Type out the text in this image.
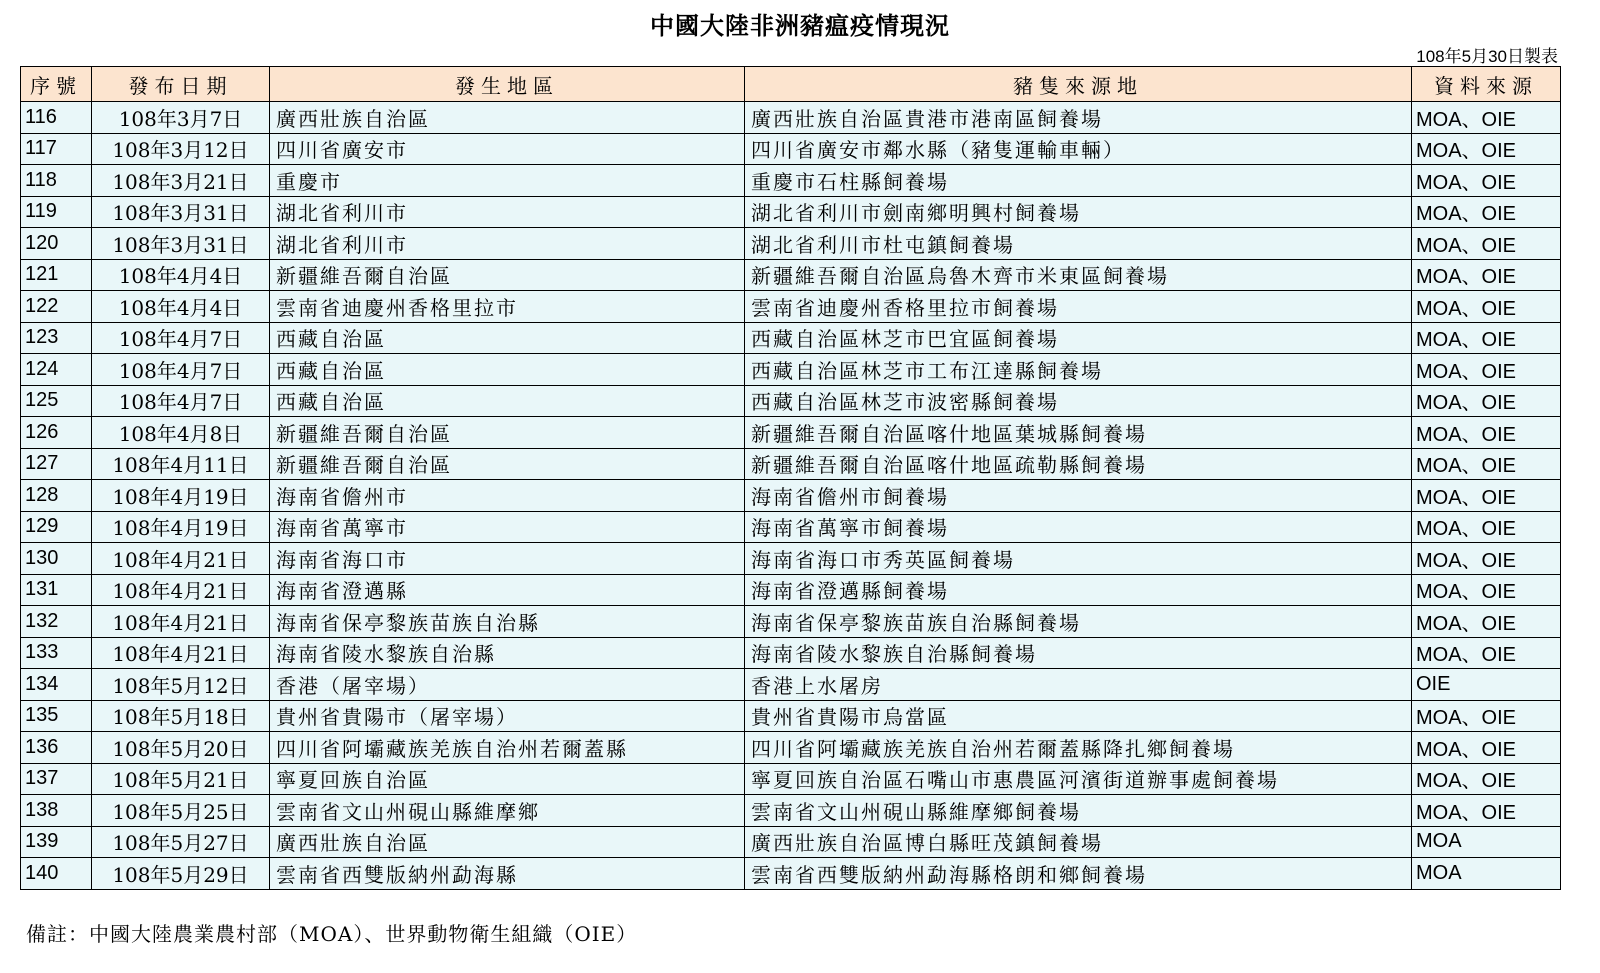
中國大陸非洲豬瘟疫情現況
108年5月30日製表
序號	發布日期	發生地區	豬隻來源地	資料來源
116	108年3月7日	廣西壯族自治區	廣西壯族自治區貴港市港南區飼養場	MOA、OIE
117	108年3月12日	四川省廣安市	四川省廣安市鄰水縣（豬隻運輸車輛）	MOA、OIE
118	108年3月21日	重慶市	重慶市石柱縣飼養場	MOA、OIE
119	108年3月31日	湖北省利川市	湖北省利川市劍南鄉明興村飼養場	MOA、OIE
120	108年3月31日	湖北省利川市	湖北省利川市杜屯鎮飼養場	MOA、OIE
121	108年4月4日	新疆維吾爾自治區	新疆維吾爾自治區烏魯木齊市米東區飼養場	MOA、OIE
122	108年4月4日	雲南省迪慶州香格里拉市	雲南省迪慶州香格里拉市飼養場	MOA、OIE
123	108年4月7日	西藏自治區	西藏自治區林芝市巴宜區飼養場	MOA、OIE
124	108年4月7日	西藏自治區	西藏自治區林芝市工布江達縣飼養場	MOA、OIE
125	108年4月7日	西藏自治區	西藏自治區林芝市波密縣飼養場	MOA、OIE
126	108年4月8日	新疆維吾爾自治區	新疆維吾爾自治區喀什地區葉城縣飼養場	MOA、OIE
127	108年4月11日	新疆維吾爾自治區	新疆維吾爾自治區喀什地區疏勒縣飼養場	MOA、OIE
128	108年4月19日	海南省儋州市	海南省儋州市飼養場	MOA、OIE
129	108年4月19日	海南省萬寧市	海南省萬寧市飼養場	MOA、OIE
130	108年4月21日	海南省海口市	海南省海口市秀英區飼養場	MOA、OIE
131	108年4月21日	海南省澄邁縣	海南省澄邁縣飼養場	MOA、OIE
132	108年4月21日	海南省保亭黎族苗族自治縣	海南省保亭黎族苗族自治縣飼養場	MOA、OIE
133	108年4月21日	海南省陵水黎族自治縣	海南省陵水黎族自治縣飼養場	MOA、OIE
134	108年5月12日	香港（屠宰場）	香港上水屠房	OIE
135	108年5月18日	貴州省貴陽市（屠宰場）	貴州省貴陽市烏當區	MOA、OIE
136	108年5月20日	四川省阿壩藏族羌族自治州若爾蓋縣	四川省阿壩藏族羌族自治州若爾蓋縣降扎鄉飼養場	MOA、OIE
137	108年5月21日	寧夏回族自治區	寧夏回族自治區石嘴山市惠農區河濱街道辦事處飼養場	MOA、OIE
138	108年5月25日	雲南省文山州硯山縣維摩鄉	雲南省文山州硯山縣維摩鄉飼養場	MOA、OIE
139	108年5月27日	廣西壯族自治區	廣西壯族自治區博白縣旺茂鎮飼養場	MOA
140	108年5月29日	雲南省西雙版納州勐海縣	雲南省西雙版納州勐海縣格朗和鄉飼養場	MOA
備註：中國大陸農業農村部（MOA）、世界動物衛生組織（OIE）
